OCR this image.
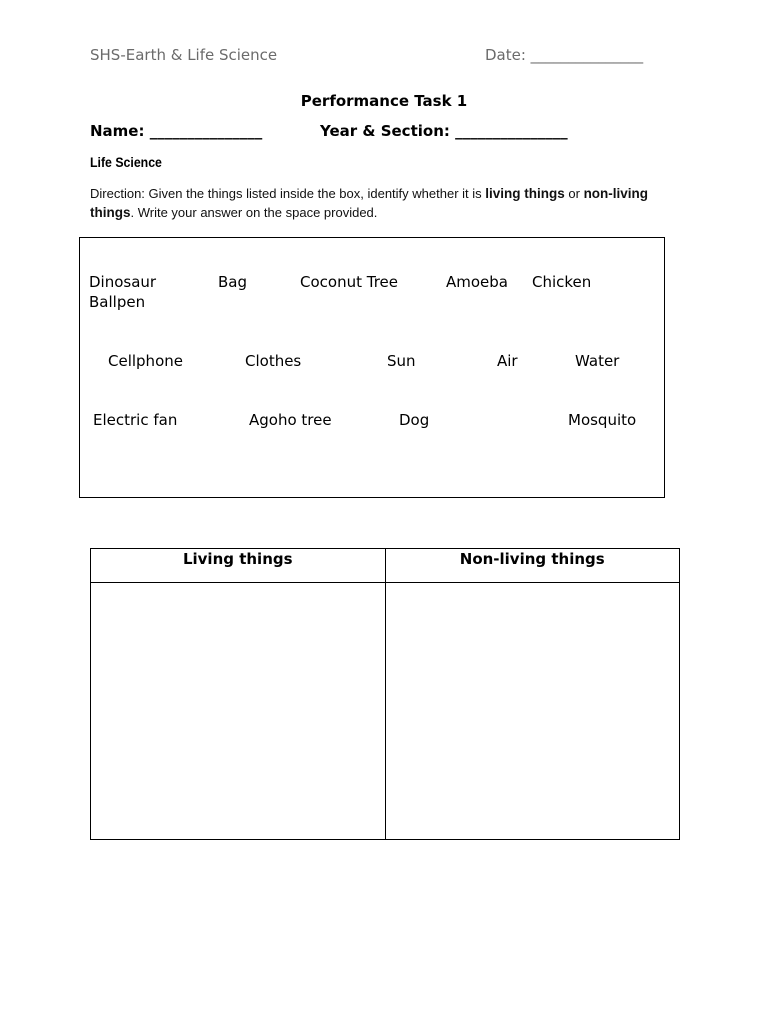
SHS-Earth & Life Science	Date: _______________
Performance Task 1
Name: _______________	Year & Section: _______________
Life Science
Direction: Given the things listed inside the box, identify whether it is living things or non-living things. Write your answer on the space provided.
Dinosaur	Bag	Coconut Tree	Amoeba Chicken
Ballpen
Cellphone	Clothes	Sun	Air	Water
Electric fan	Agoho tree	Dog	Mosquito
Living things	Non-living things
